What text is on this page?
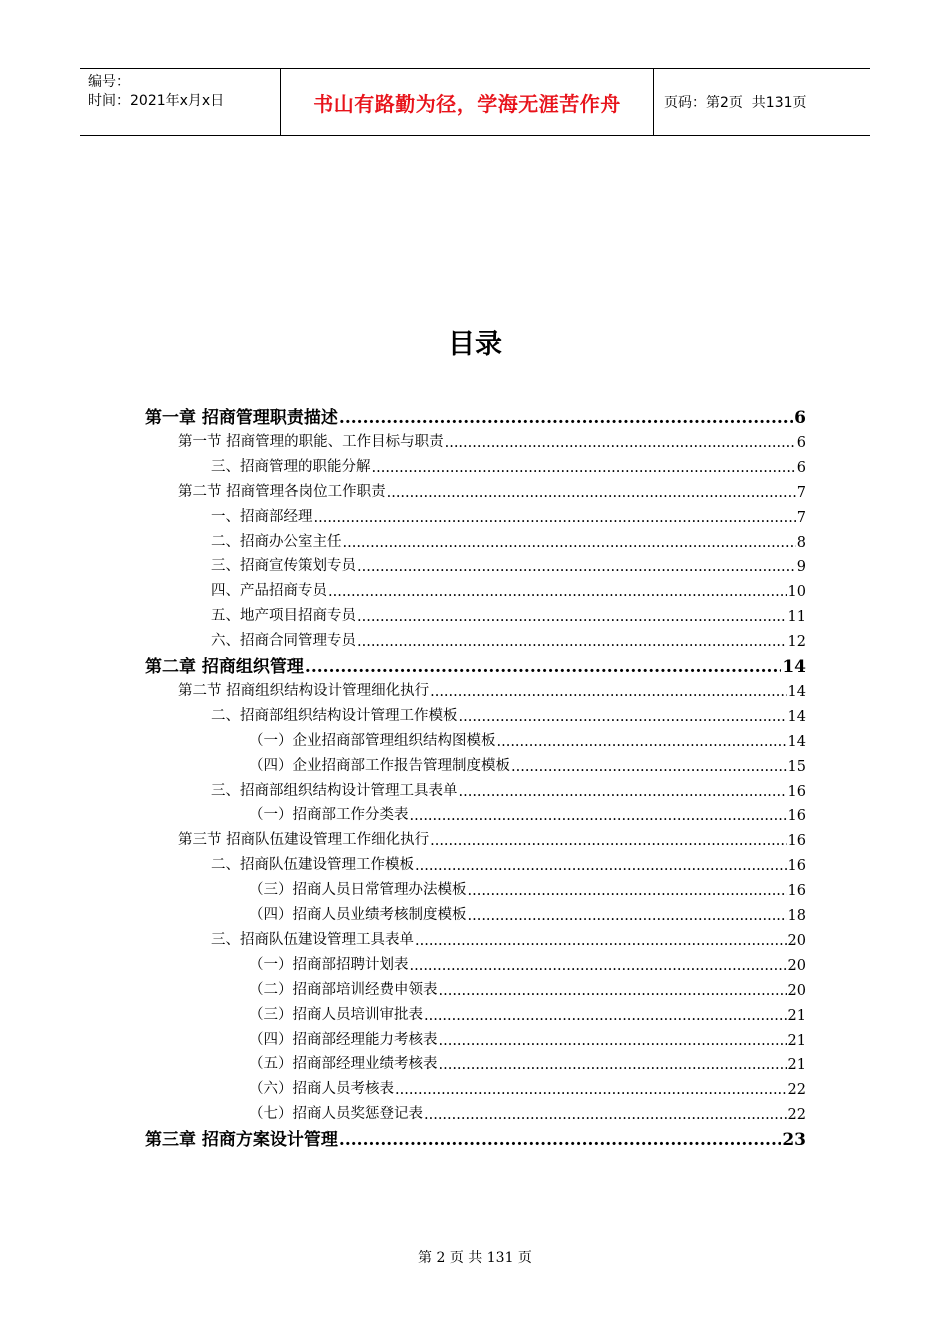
编号：
时间：2021年x月x日	书山有路勤为径，学海无涯苦作舟	页码：第2页  共131页
目录
第一章 招商管理职责描述 .....	6
第一节 招商管理的职能、工作目标与职责 .....	6
三、招商管理的职能分解 .....	6
第二节 招商管理各岗位工作职责 .....	7
一、招商部经理 .....	7
二、招商办公室主任 .....	8
三、招商宣传策划专员 .....	9
四、产品招商专员 .....	10
五、地产项目招商专员 .....	11
六、招商合同管理专员 .....	12
第二章 招商组织管理 .....	14
第二节 招商组织结构设计管理细化执行 .....	14
二、招商部组织结构设计管理工作模板 .....	14
（一）企业招商部管理组织结构图模板 .....	14
（四）企业招商部工作报告管理制度模板 .....	15
三、招商部组织结构设计管理工具表单 .....	16
（一）招商部工作分类表 .....	16
第三节 招商队伍建设管理工作细化执行 .....	16
二、招商队伍建设管理工作模板 .....	16
（三）招商人员日常管理办法模板 .....	16
（四）招商人员业绩考核制度模板 .....	18
三、招商队伍建设管理工具表单 .....	20
（一）招商部招聘计划表 .....	20
（二）招商部培训经费申领表 .....	20
（三）招商人员培训审批表 .....	21
（四）招商部经理能力考核表 .....	21
（五）招商部经理业绩考核表 .....	21
（六）招商人员考核表 .....	22
（七）招商人员奖惩登记表 .....	22
第三章 招商方案设计管理 .....	23
第 2 页 共 131 页
